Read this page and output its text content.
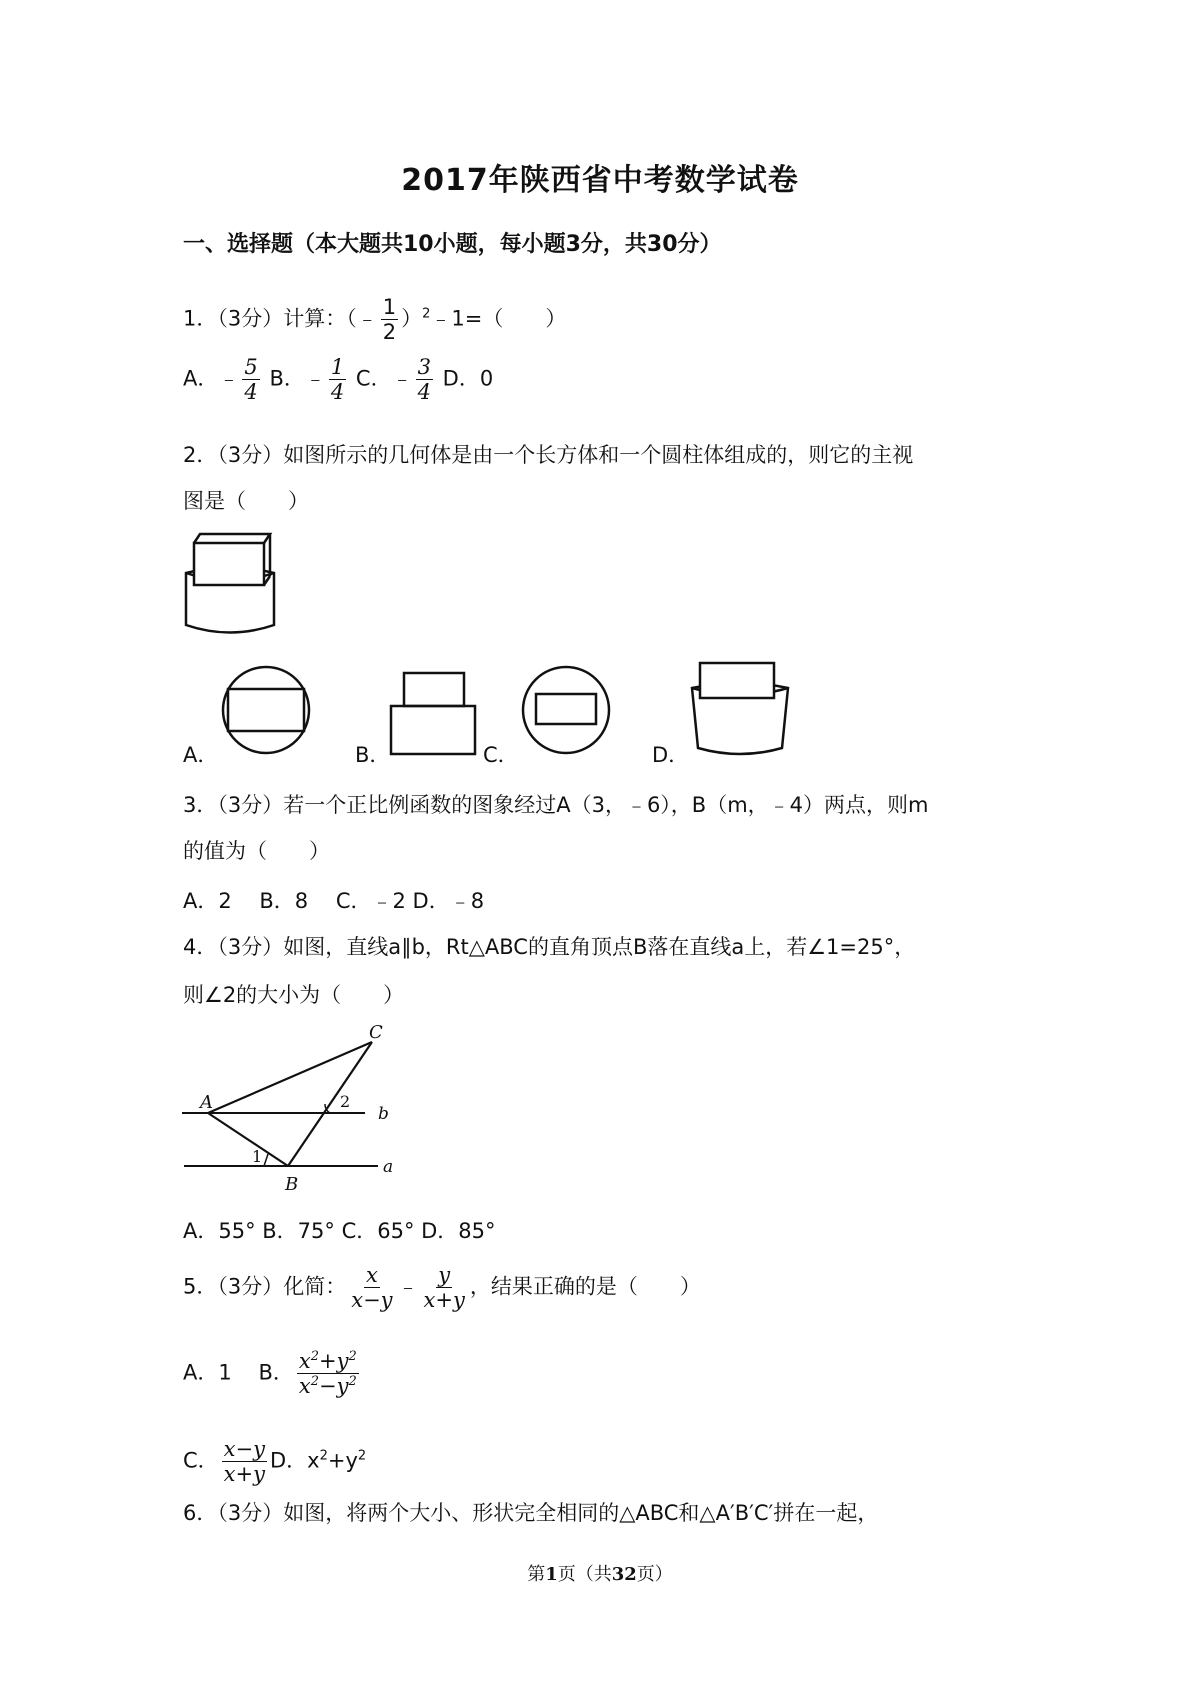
2017年陕西省中考数学试卷
一、选择题（本大题共10小题，每小题3分，共30分）
1．（3分）计算：（﹣ $\frac{1}{2}$ ）$^2$﹣1=（　　）
A．﹣ $\frac{5}{4}$ B．﹣ $\frac{1}{4}$ C．﹣ $\frac{3}{4}$ D．0
2．（3分）如图所示的几何体是由一个长方体和一个圆柱体组成的，则它的主视
图是（　　）
A．	B．	C．	D．
3．（3分）若一个正比例函数的图象经过A（3，﹣6），B（m，﹣4）两点，则m
的值为（　　）
A．2　 B．8　 C．﹣2 D．﹣8
4．（3分）如图，直线a∥b，Rt△ABC的直角顶点B落在直线a上，若∠1=25°，
则∠2的大小为（　　）
A
B
C
1
2
b
a
A．55° B．75° C．65° D．85°
5．（3分）化简： $\frac{x}{x-y}$ ﹣ $\frac{y}{x+y}$ ，结果正确的是（　　）
A．1 B． $\frac{x^2+y^2}{x^2-y^2}$
C． $\frac{x-y}{x+y}$ D．$x^2+y^2$
6．（3分）如图，将两个大小、形状完全相同的△ABC和△A′B′C′拼在一起，
第1页（共32页）
